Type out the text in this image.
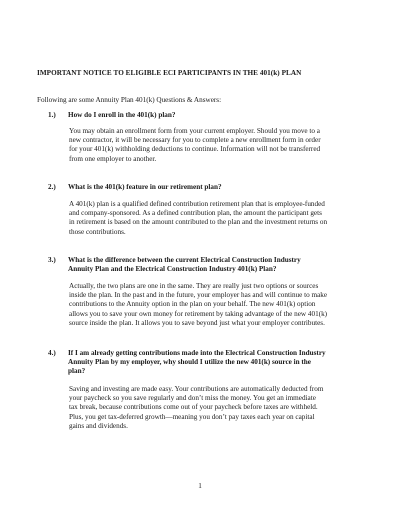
IMPORTANT NOTICE TO ELIGIBLE ECI PARTICIPANTS IN THE 401(k) PLAN
Following are some Annuity Plan 401(k) Questions & Answers:
1.) How do I enroll in the 401(k) plan?
You may obtain an enrollment form from your current employer. Should you move to a
new contractor, it will be necessary for you to complete a new enrollment form in order
for your 401(k) withholding deductions to continue. Information will not be transferred
from one employer to another.
2.) What is the 401(k) feature in our retirement plan?
A 401(k) plan is a qualified defined contribution retirement plan that is employee-funded
and company-sponsored. As a defined contribution plan, the amount the participant gets
in retirement is based on the amount contributed to the plan and the investment returns on
those contributions.
3.) What is the difference between the current Electrical Construction Industry
Annuity Plan and the Electrical Construction Industry 401(k) Plan?
Actually, the two plans are one in the same. They are really just two options or sources
inside the plan. In the past and in the future, your employer has and will continue to make
contributions to the Annuity option in the plan on your behalf. The new 401(k) option
allows you to save your own money for retirement by taking advantage of the new 401(k)
source inside the plan. It allows you to save beyond just what your employer contributes.
4.) If I am already getting contributions made into the Electrical Construction Industry
Annuity Plan by my employer, why should I utilize the new 401(k) source in the
plan?
Saving and investing are made easy. Your contributions are automatically deducted from
your paycheck so you save regularly and don’t miss the money. You get an immediate
tax break, because contributions come out of your paycheck before taxes are withheld.
Plus, you get tax-deferred growth—meaning you don’t pay taxes each year on capital
gains and dividends.
1
